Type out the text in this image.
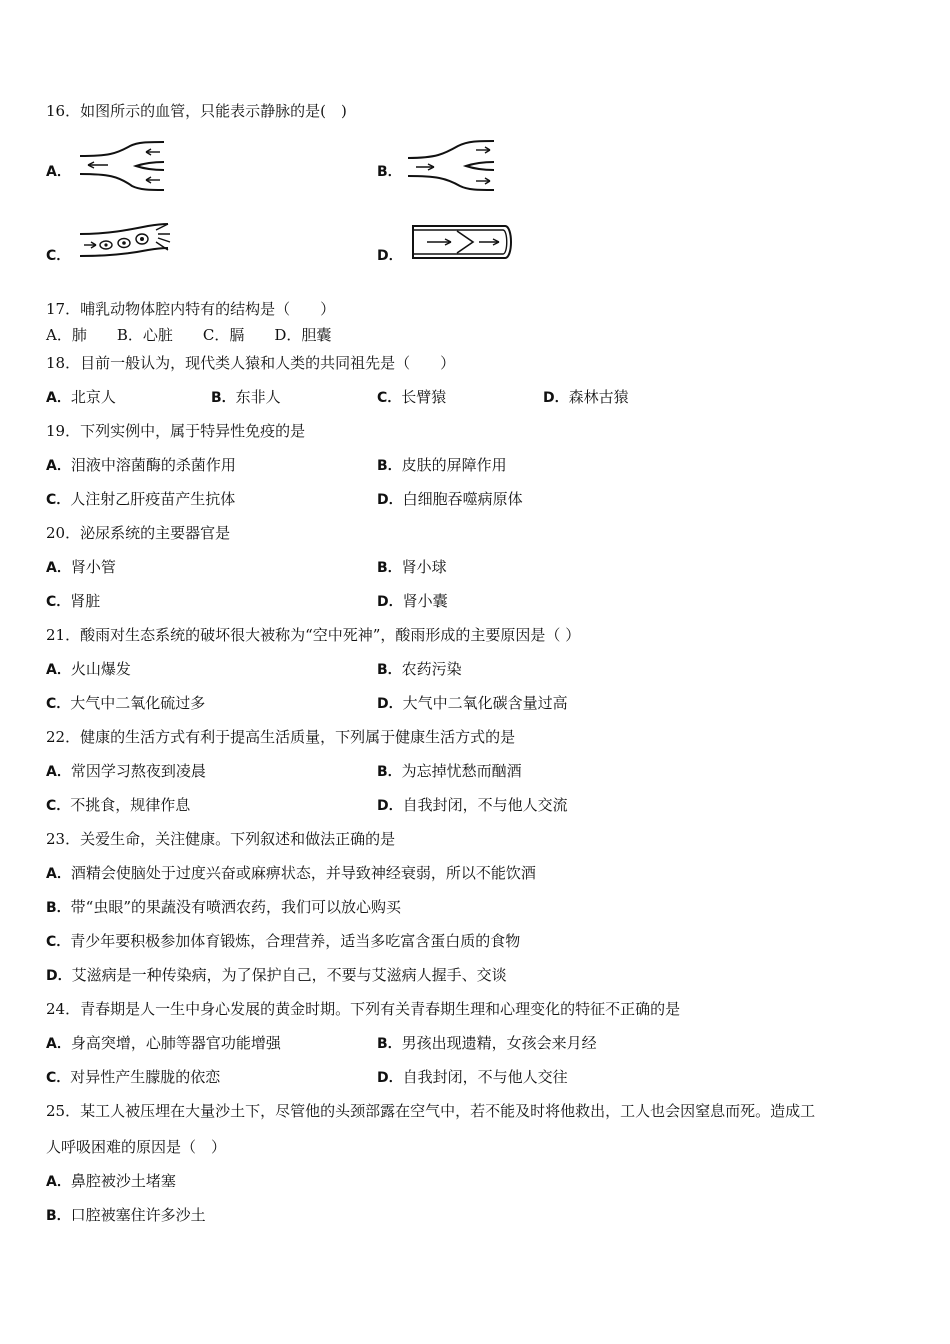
16．如图所示的血管，只能表示静脉的是(　)
A．	B．
C．	D．
17．哺乳动物体腔内特有的结构是（　　）
A．肺　　B．心脏　　C．膈　　D．胆囊
18．目前一般认为，现代类人猿和人类的共同祖先是（　　）
A．北京人	B．东非人	C．长臂猿	D．森林古猿
19．下列实例中，属于特异性免疫的是
A．泪液中溶菌酶的杀菌作用	B．皮肤的屏障作用
C．人注射乙肝疫苗产生抗体	D．白细胞吞噬病原体
20．泌尿系统的主要器官是
A．肾小管	B．肾小球
C．肾脏	D．肾小囊
21．酸雨对生态系统的破坏很大被称为“空中死神”，酸雨形成的主要原因是（ ）
A．火山爆发	B．农药污染
C．大气中二氧化硫过多	D．大气中二氧化碳含量过高
22．健康的生活方式有利于提高生活质量，下列属于健康生活方式的是
A．常因学习熬夜到凌晨	B．为忘掉忧愁而酗酒
C．不挑食，规律作息	D．自我封闭，不与他人交流
23．关爱生命，关注健康。下列叙述和做法正确的是
A．酒精会使脑处于过度兴奋或麻痹状态，并导致神经衰弱，所以不能饮酒
B．带“虫眼”的果蔬没有喷洒农药，我们可以放心购买
C．青少年要积极参加体育锻炼，合理营养，适当多吃富含蛋白质的食物
D．艾滋病是一种传染病，为了保护自己，不要与艾滋病人握手、交谈
24．青春期是人一生中身心发展的黄金时期。下列有关青春期生理和心理变化的特征不正确的是
A．身高突增，心肺等器官功能增强	B．男孩出现遗精，女孩会来月经
C．对异性产生朦胧的依恋	D．自我封闭，不与他人交往
25．某工人被压埋在大量沙土下，尽管他的头颈部露在空气中，若不能及时将他救出，工人也会因窒息而死。造成工
人呼吸困难的原因是（　）
A．鼻腔被沙土堵塞
B．口腔被塞住许多沙土
